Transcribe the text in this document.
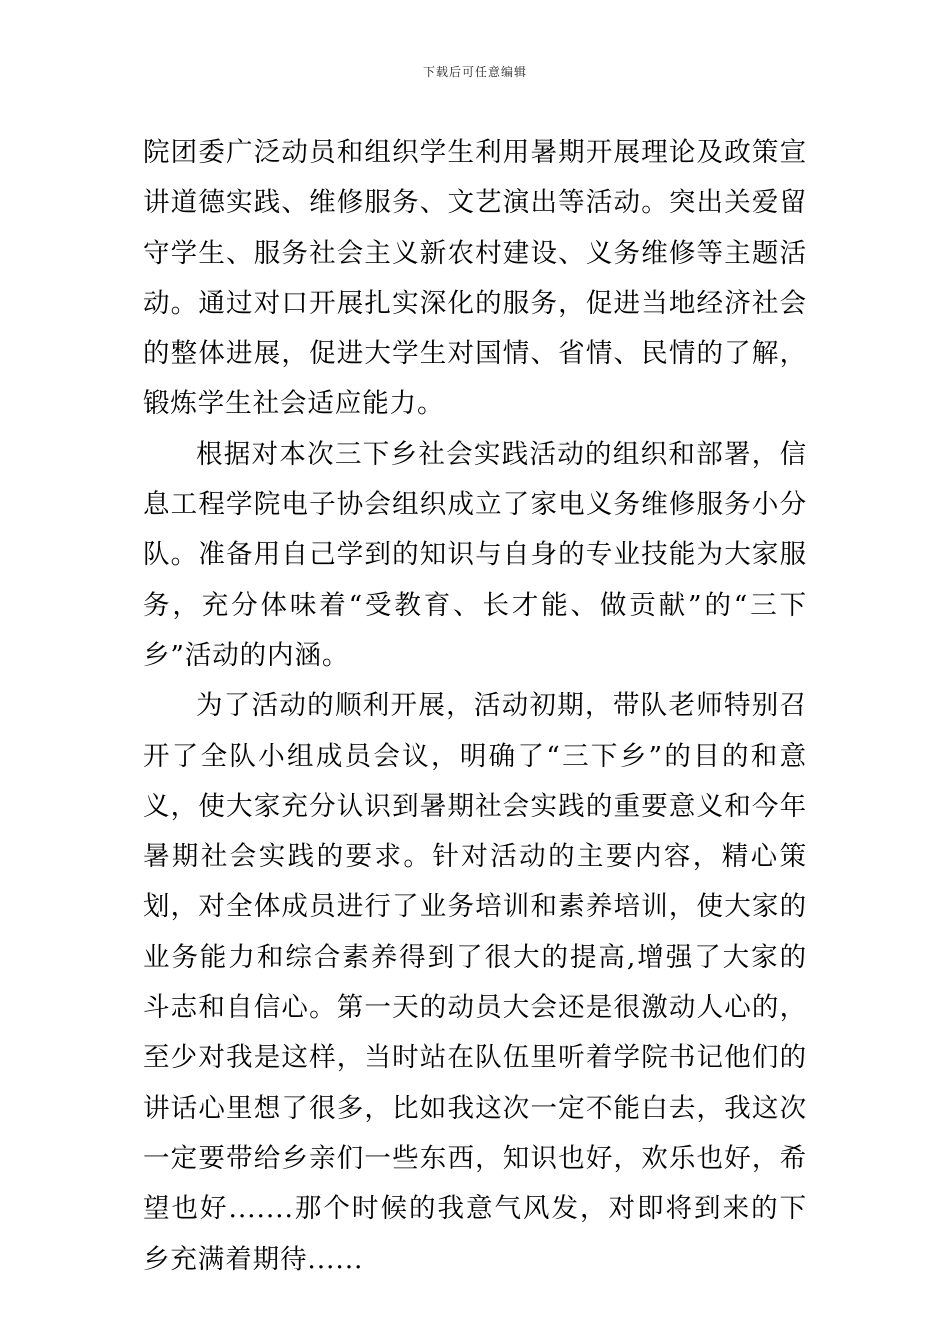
下载后可任意编辑

院团委广泛动员和组织学生利用暑期开展理论及政策宣讲道德实践、维修服务、文艺演出等活动。突出关爱留守学生、服务社会主义新农村建设、义务维修等主题活动。通过对口开展扎实深化的服务，促进当地经济社会的整体进展，促进大学生对国情、省情、民情的了解，锻炼学生社会适应能力。

根据对本次三下乡社会实践活动的组织和部署，信息工程学院电子协会组织成立了家电义务维修服务小分队。准备用自己学到的知识与自身的专业技能为大家服务，充分体味着“受教育、长才能、做贡献”的“三下乡”活动的内涵。

为了活动的顺利开展，活动初期，带队老师特别召开了全队小组成员会议，明确了“三下乡”的目的和意义，使大家充分认识到暑期社会实践的重要意义和今年暑期社会实践的要求。针对活动的主要内容，精心策划，对全体成员进行了业务培训和素养培训，使大家的业务能力和综合素养得到了很大的提高,增强了大家的斗志和自信心。第一天的动员大会还是很激动人心的，至少对我是这样，当时站在队伍里听着学院书记他们的讲话心里想了很多，比如我这次一定不能白去，我这次一定要带给乡亲们一些东西，知识也好，欢乐也好，希望也好.......那个时候的我意气风发，对即将到来的下乡充满着期待......
